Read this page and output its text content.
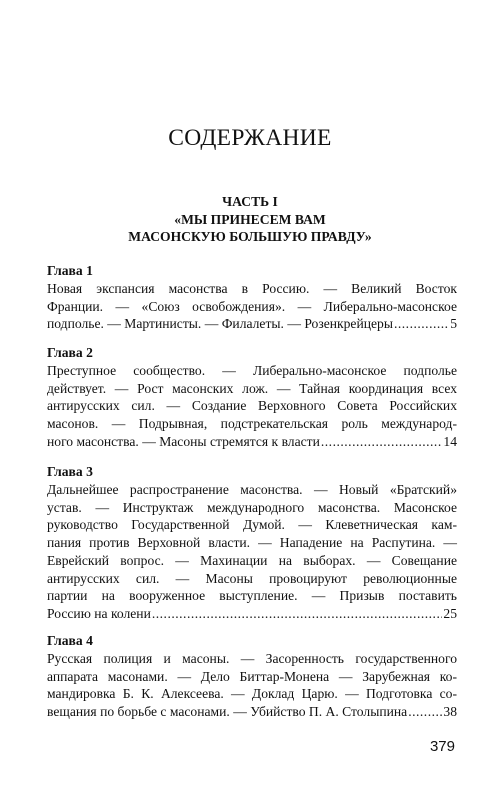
СОДЕРЖАНИЕ
ЧАСТЬ I
«МЫ ПРИНЕСЕМ ВАМ
МАСОНСКУЮ БОЛЬШУЮ ПРАВДУ»
Глава 1
Новая экспансия масонства в Россию. — Великий Восток
Франции. — «Союз освобождения». — Либерально-масонское
подполье. — Мартинисты. — Филалеты. — Розенкрейцеры .....	5
Глава 2
Преступное сообщество. — Либерально-масонское подполье
действует. — Рост масонских лож. — Тайная координация всех
антирусских сил. — Создание Верховного Совета Российских
масонов. — Подрывная, подстрекательская роль международ-
ного масонства. — Масоны стремятся к власти .....	14
Глава 3
Дальнейшее распространение масонства. — Новый «Братский»
устав. — Инструктаж международного масонства. Масонское
руководство Государственной Думой. — Клеветническая кам-
пания против Верховной власти. — Нападение на Распутина. —
Еврейский вопрос. — Махинации на выборах. — Совещание
антирусских сил. — Масоны провоцируют революционные
партии на вооруженное выступление. — Призыв поставить
Россию на колени .....	25
Глава 4
Русская полиция и масоны. — Засоренность государственного
аппарата масонами. — Дело Биттар-Монена — Зарубежная ко-
мандировка Б. К. Алексеева. — Доклад Царю. — Подготовка со-
вещания по борьбе с масонами. — Убийство П. А. Столыпина .....	38
379
